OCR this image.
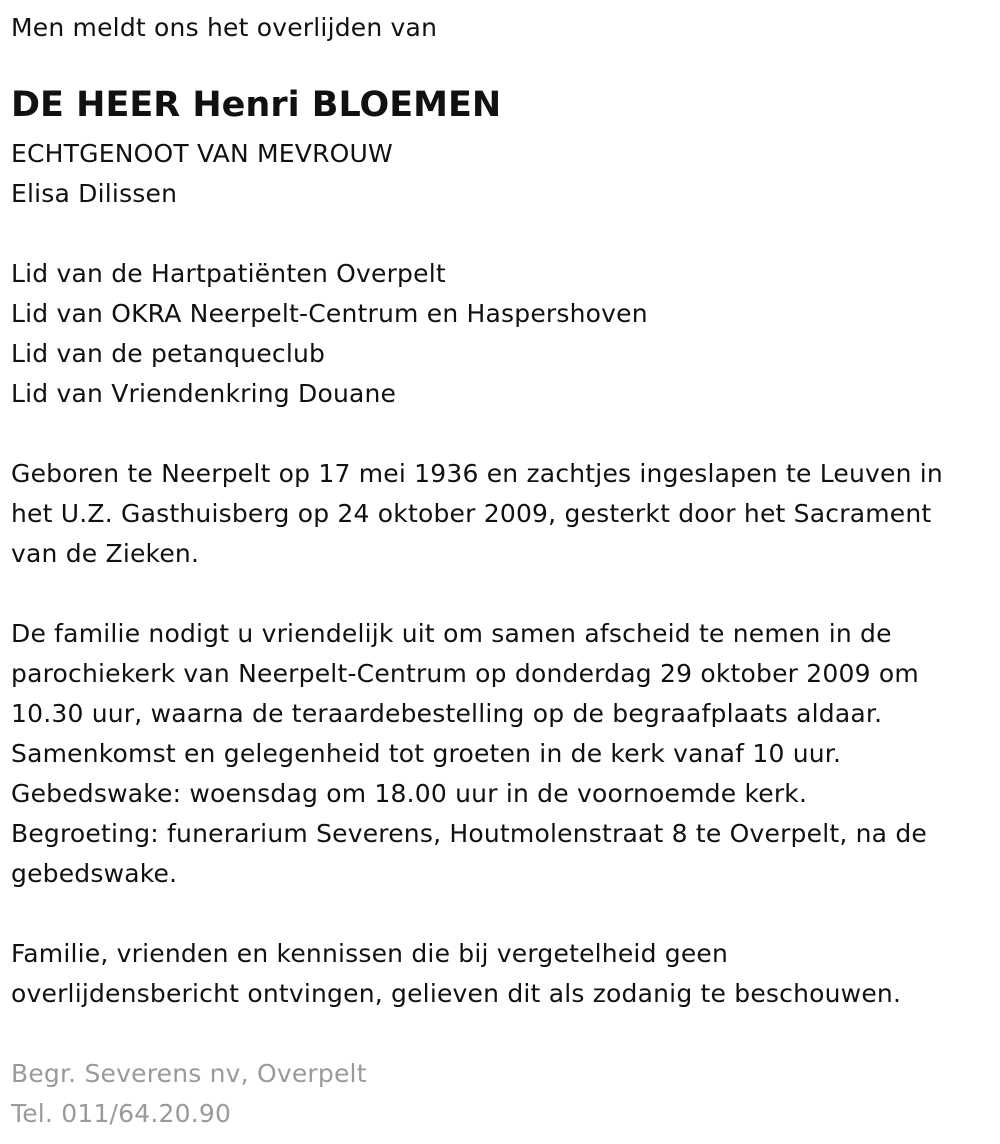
Men meldt ons het overlijden van
DE HEER Henri BLOEMEN
ECHTGENOOT VAN MEVROUW
Elisa Dilissen
Lid van de Hartpatiënten Overpelt
Lid van OKRA Neerpelt-Centrum en Haspershoven
Lid van de petanqueclub
Lid van Vriendenkring Douane
Geboren te Neerpelt op 17 mei 1936 en zachtjes ingeslapen te Leuven in
het U.Z. Gasthuisberg op 24 oktober 2009, gesterkt door het Sacrament
van de Zieken.
De familie nodigt u vriendelijk uit om samen afscheid te nemen in de
parochiekerk van Neerpelt-Centrum op donderdag 29 oktober 2009 om
10.30 uur, waarna de teraardebestelling op de begraafplaats aldaar.
Samenkomst en gelegenheid tot groeten in de kerk vanaf 10 uur.
Gebedswake: woensdag om 18.00 uur in de voornoemde kerk.
Begroeting: funerarium Severens, Houtmolenstraat 8 te Overpelt, na de
gebedswake.
Familie, vrienden en kennissen die bij vergetelheid geen
overlijdensbericht ontvingen, gelieven dit als zodanig te beschouwen.
Begr. Severens nv, Overpelt
Tel. 011/64.20.90
